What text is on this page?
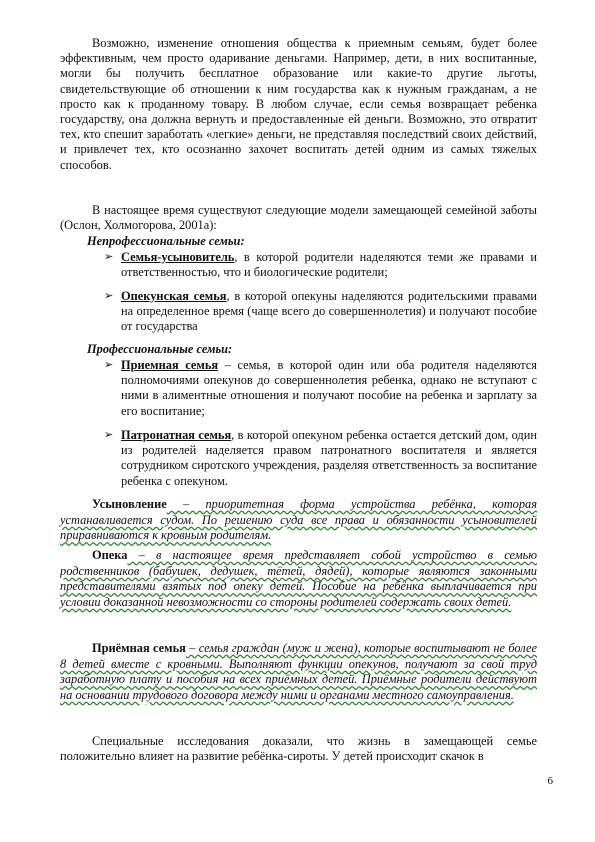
Возможно, изменение отношения общества к приемным семьям, будет более эффективным, чем просто одаривание деньгами. Например, дети, в них воспитанные, могли бы получить бесплатное образование или какие-то другие льготы, свидетельствующие об отношении к ним государства как к нужным гражданам, а не просто как к проданному товару. В любом случае, если семья возвращает ребенка государству, она должна вернуть и предоставленные ей деньги. Возможно, это отвратит тех, кто спешит заработать «легкие» деньги, не представляя последствий своих действий, и привлечет тех, кто осознанно захочет воспитать детей одним из самых тяжелых способов.

В настоящее время существуют следующие модели замещающей семейной заботы (Ослон, Холмогорова, 2001а):

Непрофессиональные семьи:

➢ Семья-усыновитель, в которой родители наделяются теми же правами и ответственностью, что и биологические родители;

➢ Опекунская семья, в которой опекуны наделяются родительскими правами на определенное время (чаще всего до совершеннолетия) и получают пособие от государства

Профессиональные семьи:

➢ Приемная семья – семья, в которой один или оба родителя наделяются полномочиями опекунов до совершеннолетия ребенка, однако не вступают с ними в алиментные отношения и получают пособие на ребенка и зарплату за его воспитание;

➢ Патронатная семья, в которой опекуном ребенка остается детский дом, один из родителей наделяется правом патронатного воспитателя и является сотрудником сиротского учреждения, разделяя ответственность за воспитание ребенка с опекуном.

Усыновление – приоритетная форма устройства ребёнка, которая устанавливается судом. По решению суда все права и обязанности усыновителей приравниваются к кровным родителям.

Опека – в настоящее время представляет собой устройство в семью родственников (бабушек, дедушек, тётей, дядей), которые являются законными представителями взятых под опеку детей. Пособие на ребёнка выплачивается при условии доказанной невозможности со стороны родителей содержать своих детей.

Приёмная семья – семья граждан (муж и жена), которые воспитывают не более 8 детей вместе с кровными. Выполняют функции опекунов, получают за свой труд заработную плату и пособия на всех приёмных детей. Приёмные родители действуют на основании трудового договора между ними и органами местного самоуправления.

Специальные исследования доказали, что жизнь в замещающей семье положительно влияет на развитие ребёнка-сироты. У детей происходит скачок в

6
